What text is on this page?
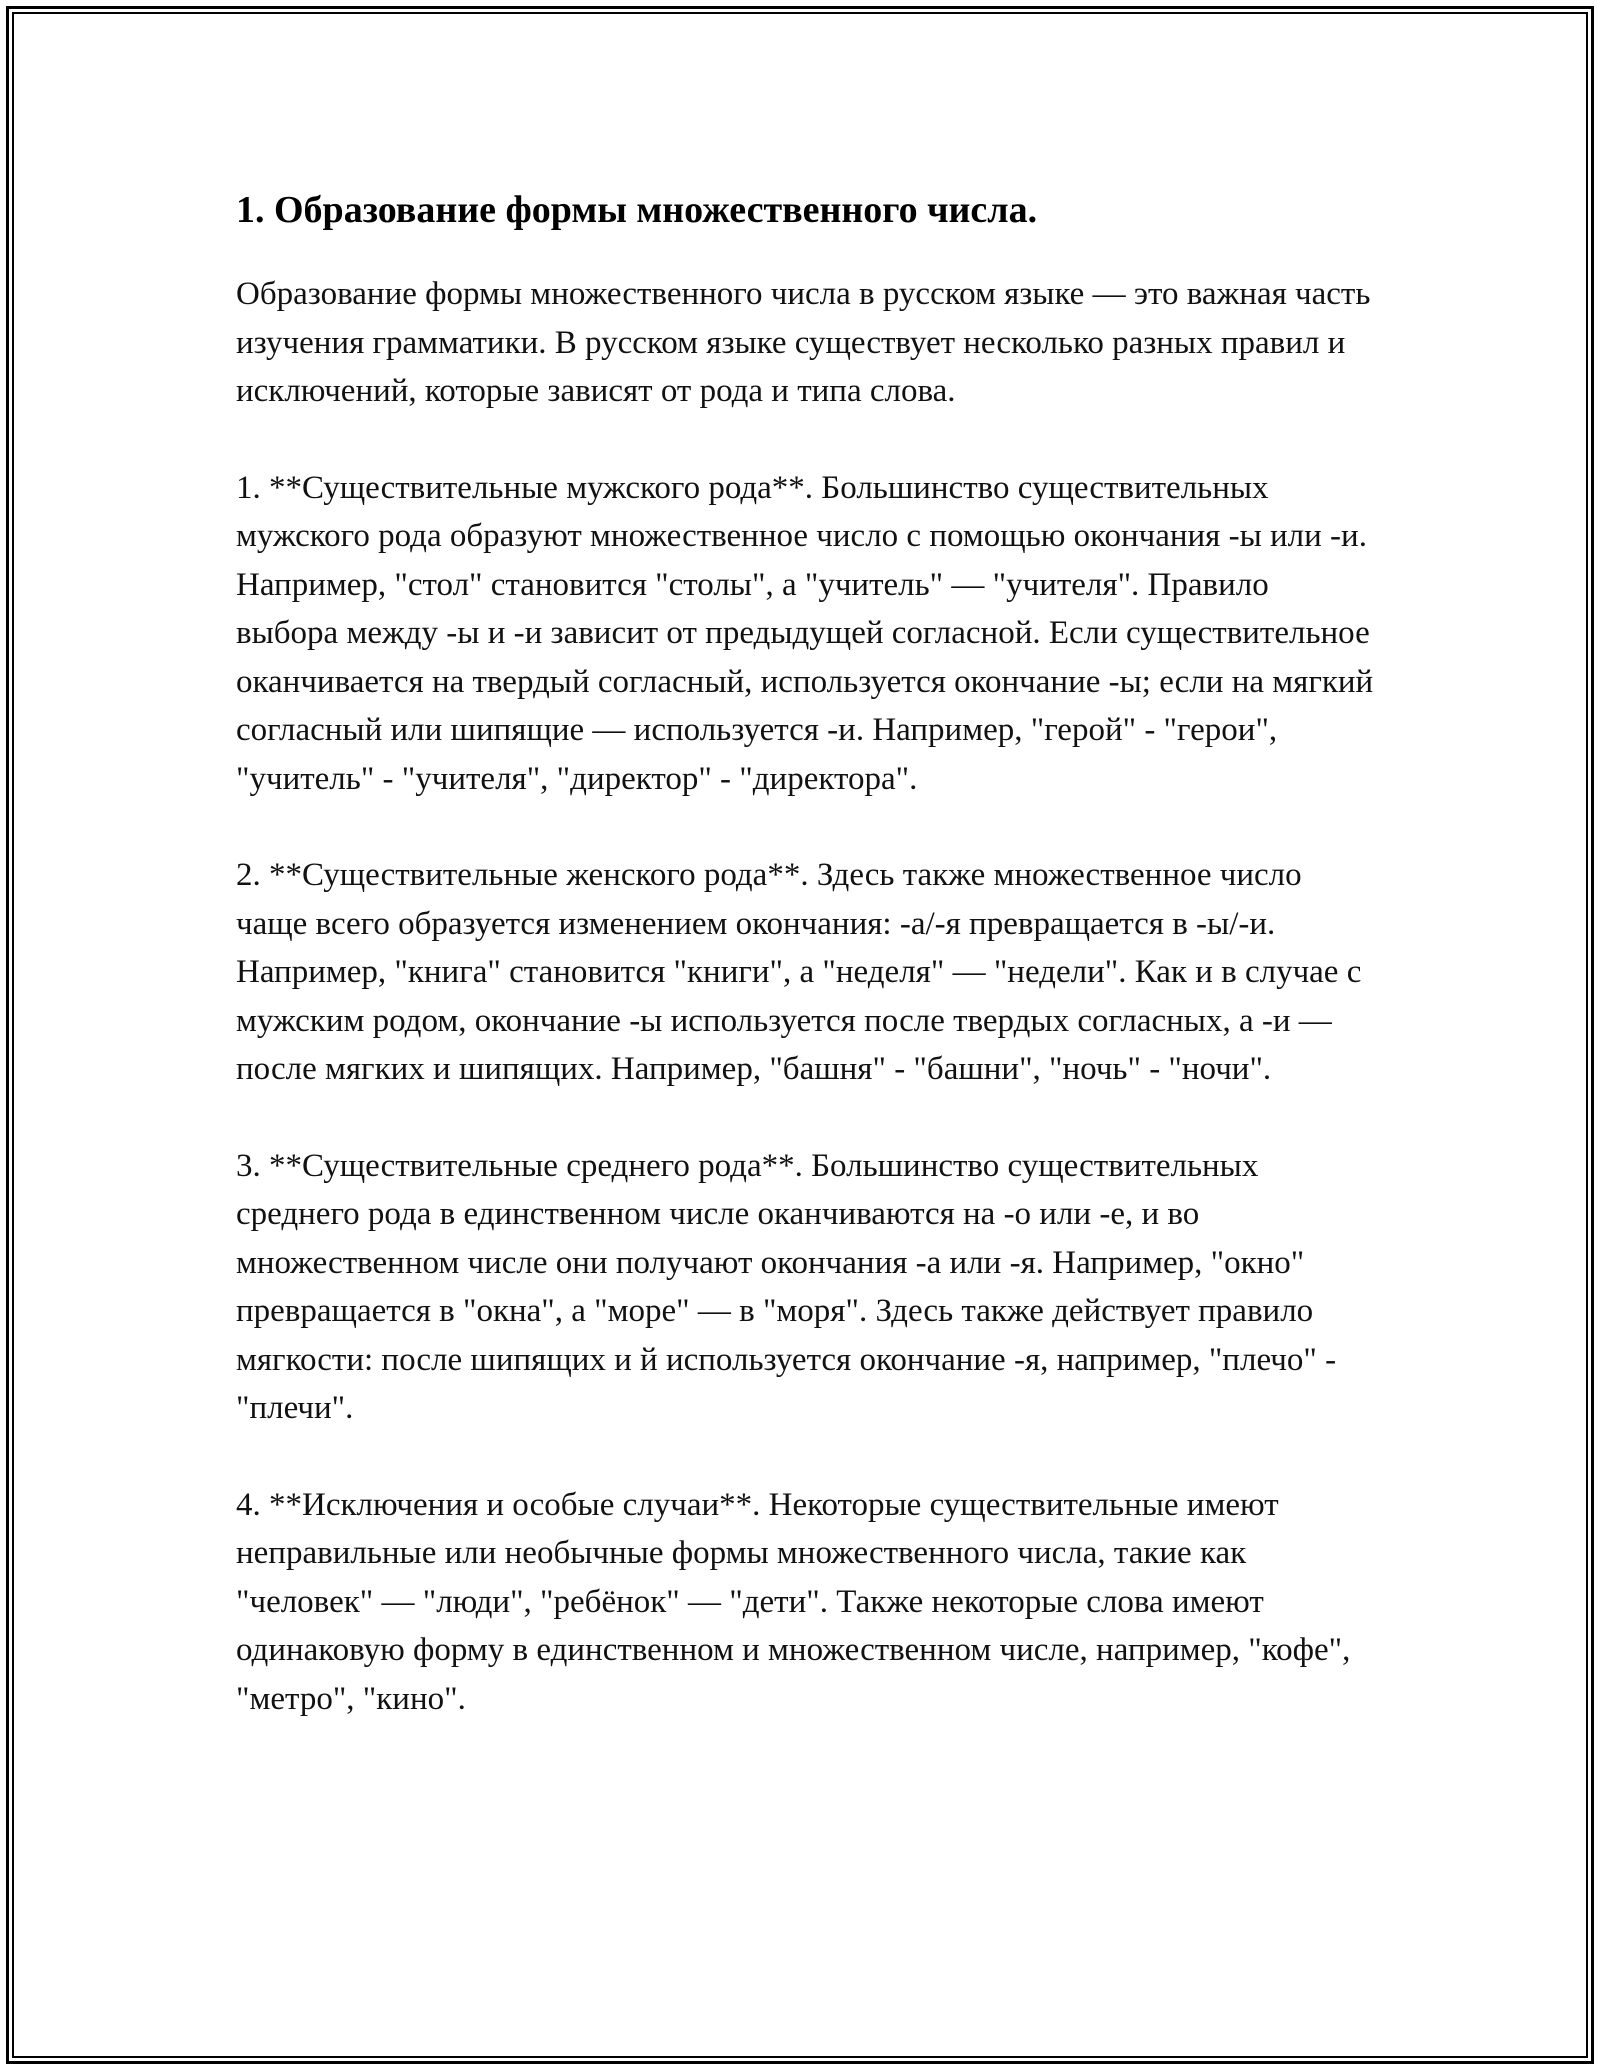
1. Образование формы множественного числа.

Образование формы множественного числа в русском языке — это важная часть изучения грамматики. В русском языке существует несколько разных правил и исключений, которые зависят от рода и типа слова.

1. **Существительные мужского рода**. Большинство существительных мужского рода образуют множественное число с помощью окончания -ы или -и. Например, "стол" становится "столы", а "учитель" — "учителя". Правило выбора между -ы и -и зависит от предыдущей согласной. Если существительное оканчивается на твердый согласный, используется окончание -ы; если на мягкий согласный или шипящие — используется -и. Например, "герой" - "герои", "учитель" - "учителя", "директор" - "директора".

2. **Существительные женского рода**. Здесь также множественное число чаще всего образуется изменением окончания: -а/-я превращается в -ы/-и. Например, "книга" становится "книги", а "неделя" — "недели". Как и в случае с мужским родом, окончание -ы используется после твердых согласных, а -и — после мягких и шипящих. Например, "башня" - "башни", "ночь" - "ночи".

3. **Существительные среднего рода**. Большинство существительных среднего рода в единственном числе оканчиваются на -о или -е, и во множественном числе они получают окончания -а или -я. Например, "окно" превращается в "окна", а "море" — в "моря". Здесь также действует правило мягкости: после шипящих и й используется окончание -я, например, "плечо" - "плечи".

4. **Исключения и особые случаи**. Некоторые существительные имеют неправильные или необычные формы множественного числа, такие как "человек" — "люди", "ребёнок" — "дети". Также некоторые слова имеют одинаковую форму в единственном и множественном числе, например, "кофе", "метро", "кино".
